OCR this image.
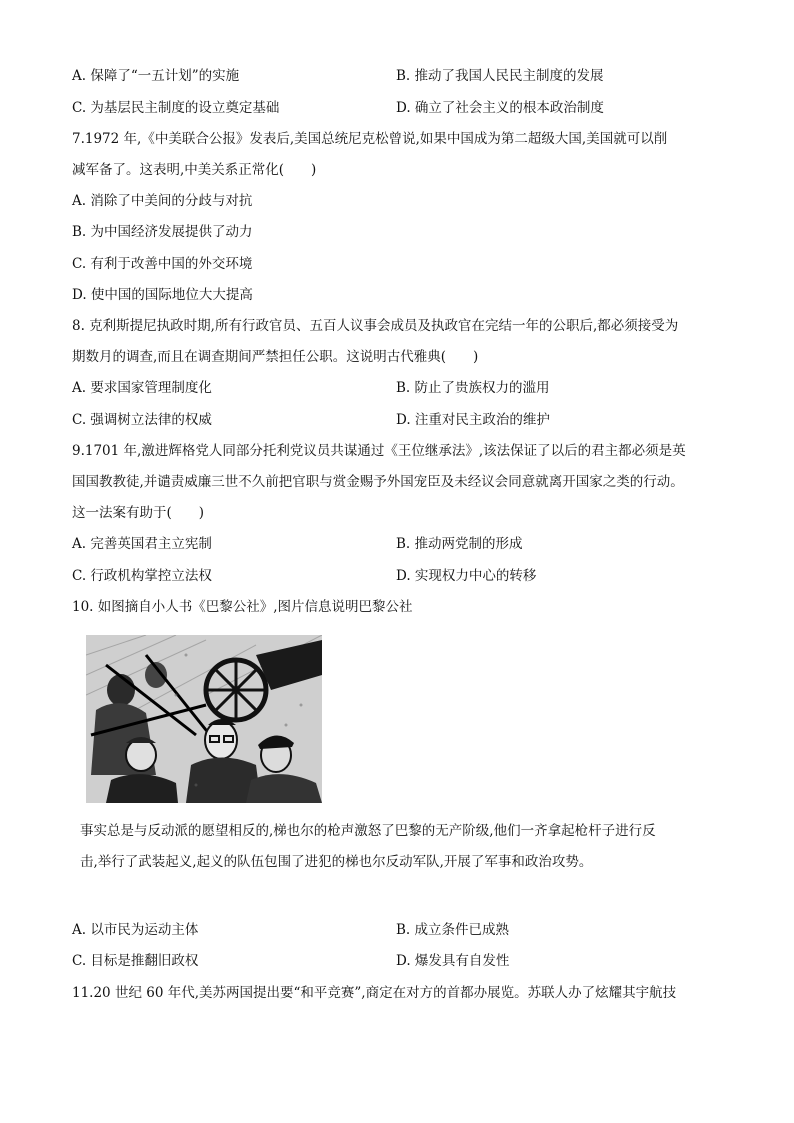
A. 保障了“一五计划”的实施	B. 推动了我国人民民主制度的发展
C. 为基层民主制度的设立奠定基础	D. 确立了社会主义的根本政治制度
7.1972 年,《中美联合公报》发表后,美国总统尼克松曾说,如果中国成为第二超级大国,美国就可以削
减军备了。这表明,中美关系正常化(　　)
A. 消除了中美间的分歧与对抗
B. 为中国经济发展提供了动力
C. 有利于改善中国的外交环境
D. 使中国的国际地位大大提高
8. 克利斯提尼执政时期,所有行政官员、五百人议事会成员及执政官在完结一年的公职后,都必须接受为
期数月的调查,而且在调查期间严禁担任公职。这说明古代雅典(　　)
A. 要求国家管理制度化	B. 防止了贵族权力的滥用
C. 强调树立法律的权威	D. 注重对民主政治的维护
9.1701 年,激进辉格党人同部分托利党议员共谋通过《王位继承法》,该法保证了以后的君主都必须是英
国国教教徒,并谴责威廉三世不久前把官职与赏金赐予外国宠臣及未经议会同意就离开国家之类的行动。
这一法案有助于(　　)
A. 完善英国君主立宪制	B. 推动两党制的形成
C. 行政机构掌控立法权	D. 实现权力中心的转移
10. 如图摘自小人书《巴黎公社》,图片信息说明巴黎公社
事实总是与反动派的愿望相反的,梯也尔的枪声激怒了巴黎的无产阶级,他们一齐拿起枪杆子进行反
击,举行了武装起义,起义的队伍包围了进犯的梯也尔反动军队,开展了军事和政治攻势。
A. 以市民为运动主体	B. 成立条件已成熟
C. 目标是推翻旧政权	D. 爆发具有自发性
11.20 世纪 60 年代,美苏两国提出要“和平竞赛”,商定在对方的首都办展览。苏联人办了炫耀其宇航技
